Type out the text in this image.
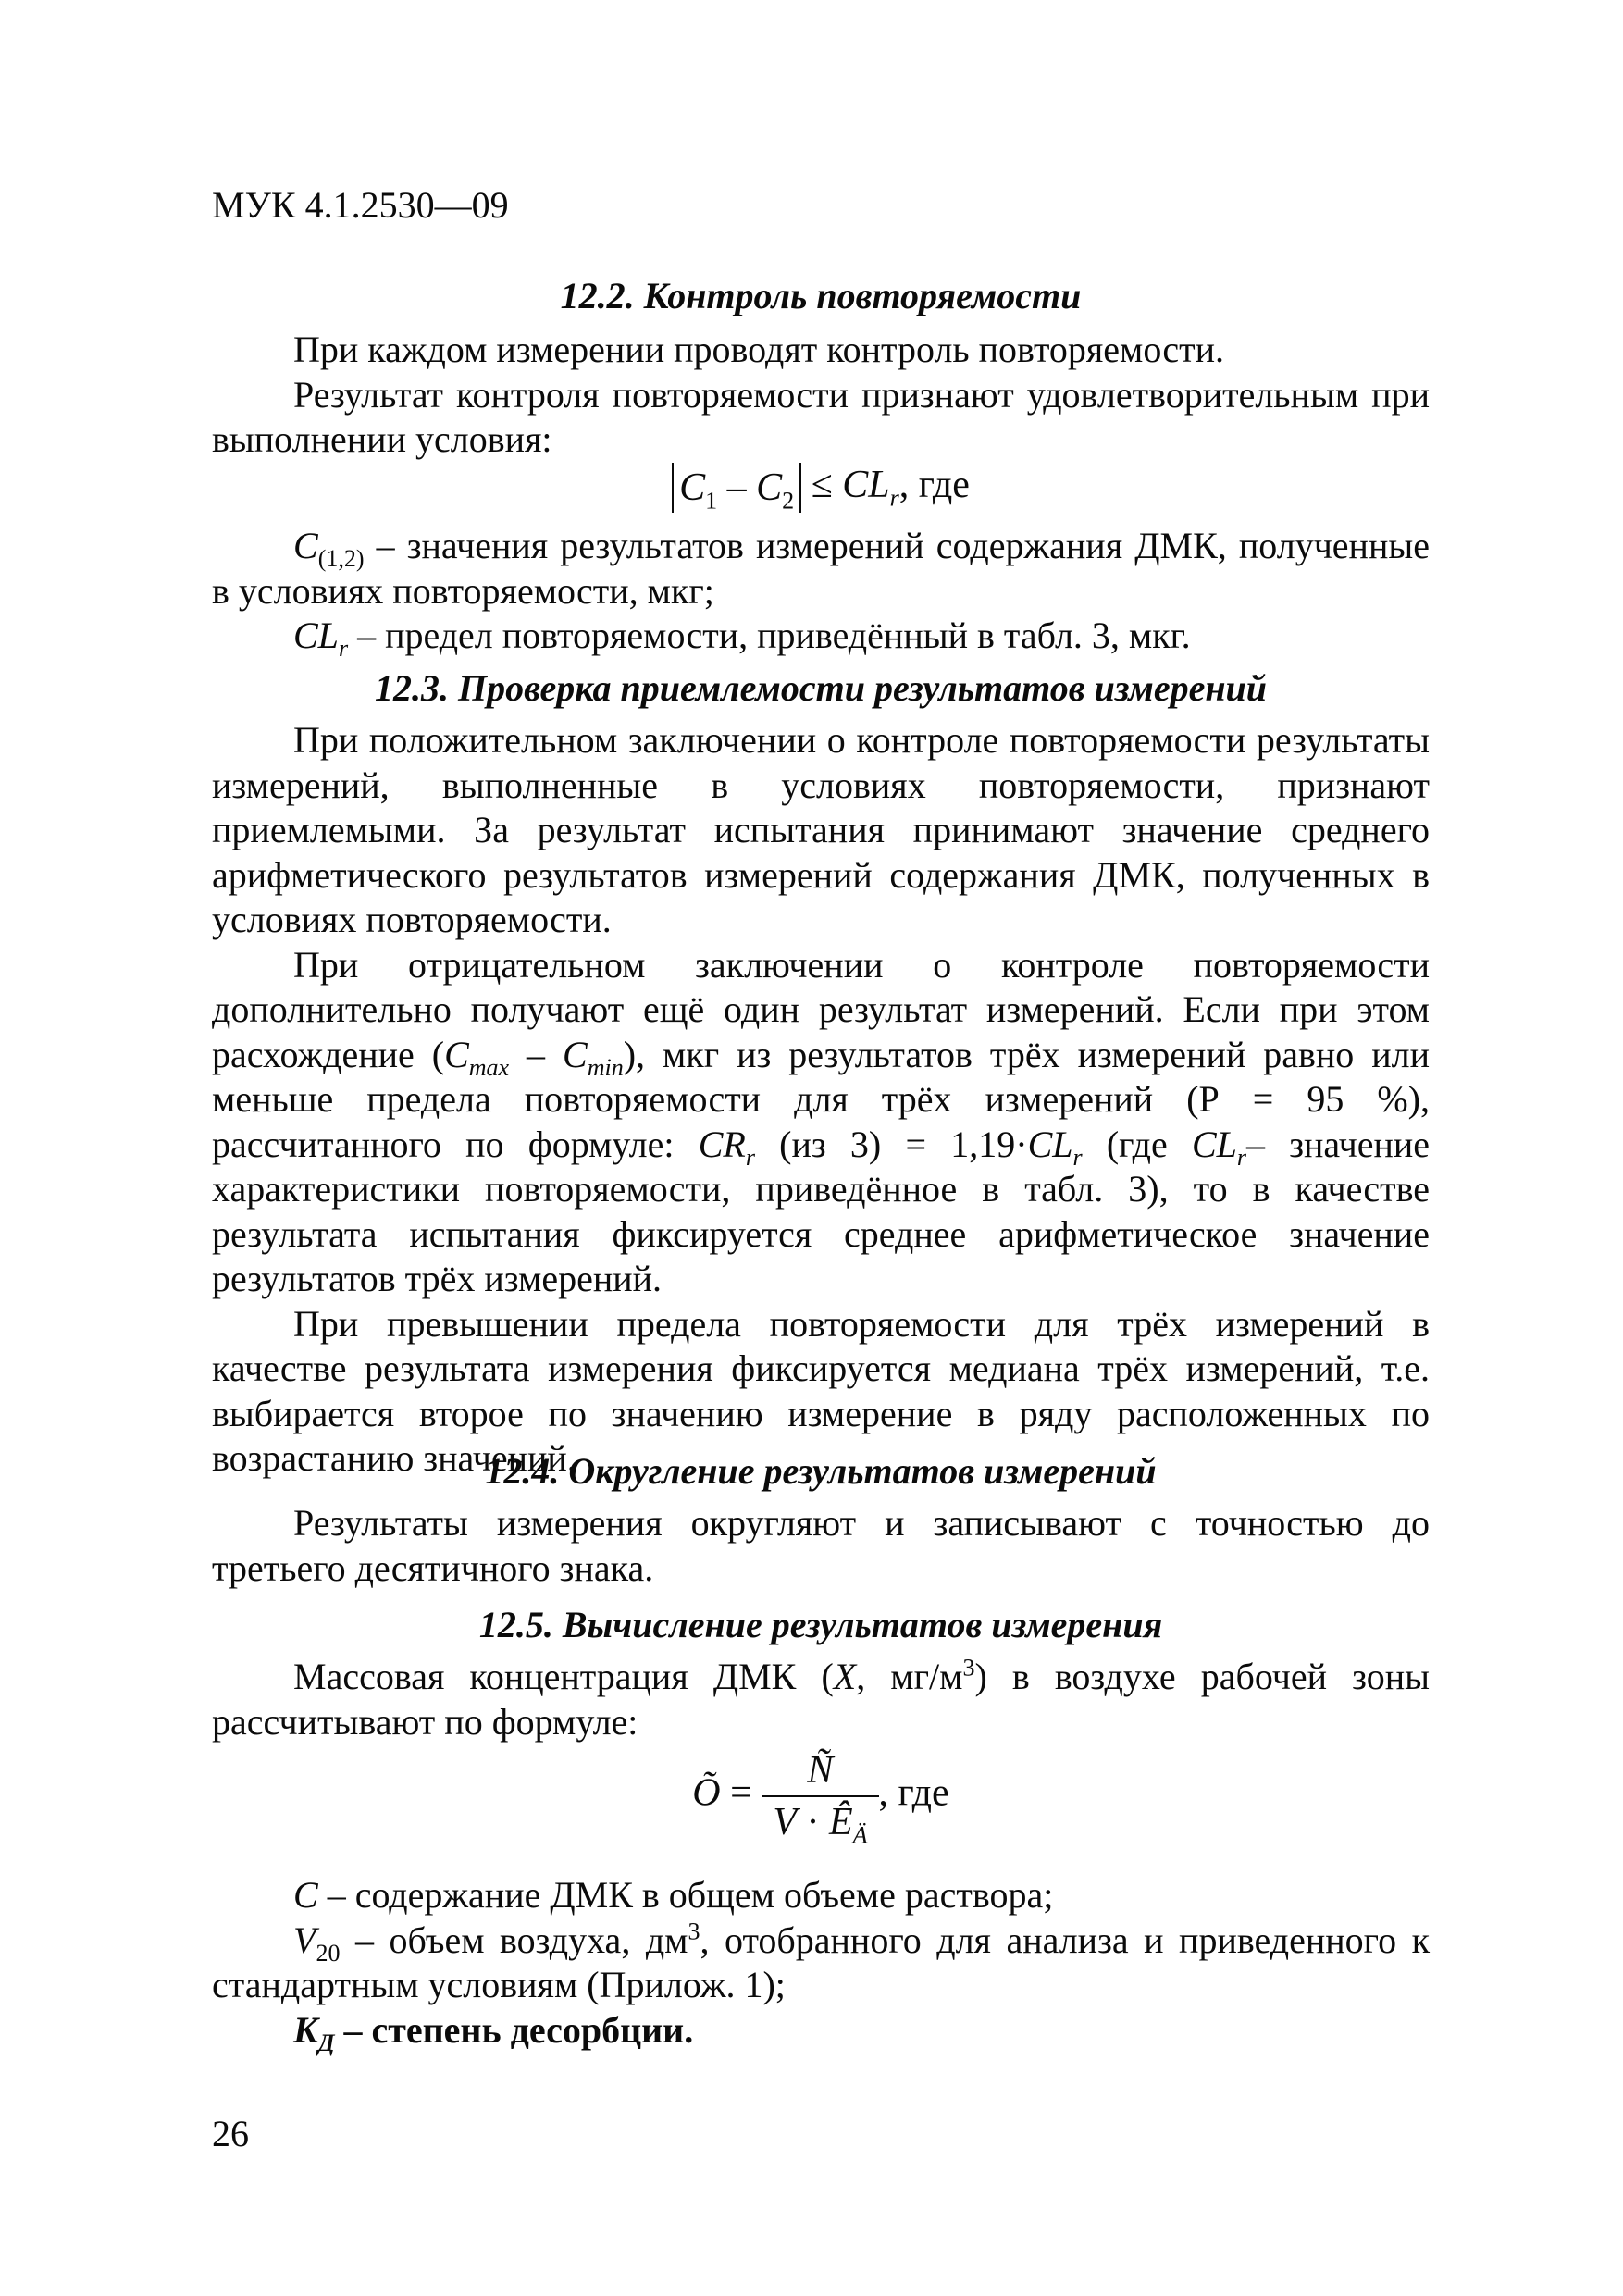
МУК 4.1.2530—09
12.2. Контроль повторяемости

При каждом измерении проводят контроль повторяемости.

Результат контроля повторяемости признают удовлетворительным при выполнении условия:

$C_1 - C_2 \le CL_r$, где

$C_{(1,2)}$ – значения результатов измерений содержания ДМК, полученные в условиях повторяемости, мкг;

$CL_r$ – предел повторяемости, приведённый в табл. 3, мкг.

12.3. Проверка приемлемости результатов измерений

При положительном заключении о контроле повторяемости результаты измерений, выполненные в условиях повторяемости, признают приемлемыми. За результат испытания принимают значение среднего арифметического результатов измерений содержания ДМК, полученных в условиях повторяемости.

При отрицательном заключении о контроле повторяемости дополнительно получают ещё один результат измерений. Если при этом расхождение $(C_{max} - C_{min})$, мкг из результатов трёх измерений равно или меньше предела повторяемости для трёх измерений (Р = 95 %), рассчитанного по формуле: $CR_r$ (из $3) = 1,19\cdot CL_r$ (где $CL_r-$ значение характеристики повторяемости, приведённое в табл. 3), то в качестве результата испытания фиксируется среднее арифметическое значение результатов трёх измерений.

При превышении предела повторяемости для трёх измерений в качестве результата измерения фиксируется медиана трёх измерений, т.е. выбирается второе по значению измерение в ряду расположенных по возрастанию значений.

12.4. Округление результатов измерений

Результаты измерения округляют и записывают с точностью до третьего десятичного знака.

12.5. Вычисление результатов измерения

Массовая концентрация ДМК (X, $мг/м^3$) в воздухе рабочей зоны рассчитывают по формуле:

Õ = $\frac{Ñ}{V \cdot Ê_Ä}$ , где

C – содержание ДМК в общем объеме раствора;

$V_{20}$ – объем воздуха, $дм^3$, отобранного для анализа и приведенного к стандартным условиям (Прилож. 1);

$K_Д$ – степень десорбции.

26
